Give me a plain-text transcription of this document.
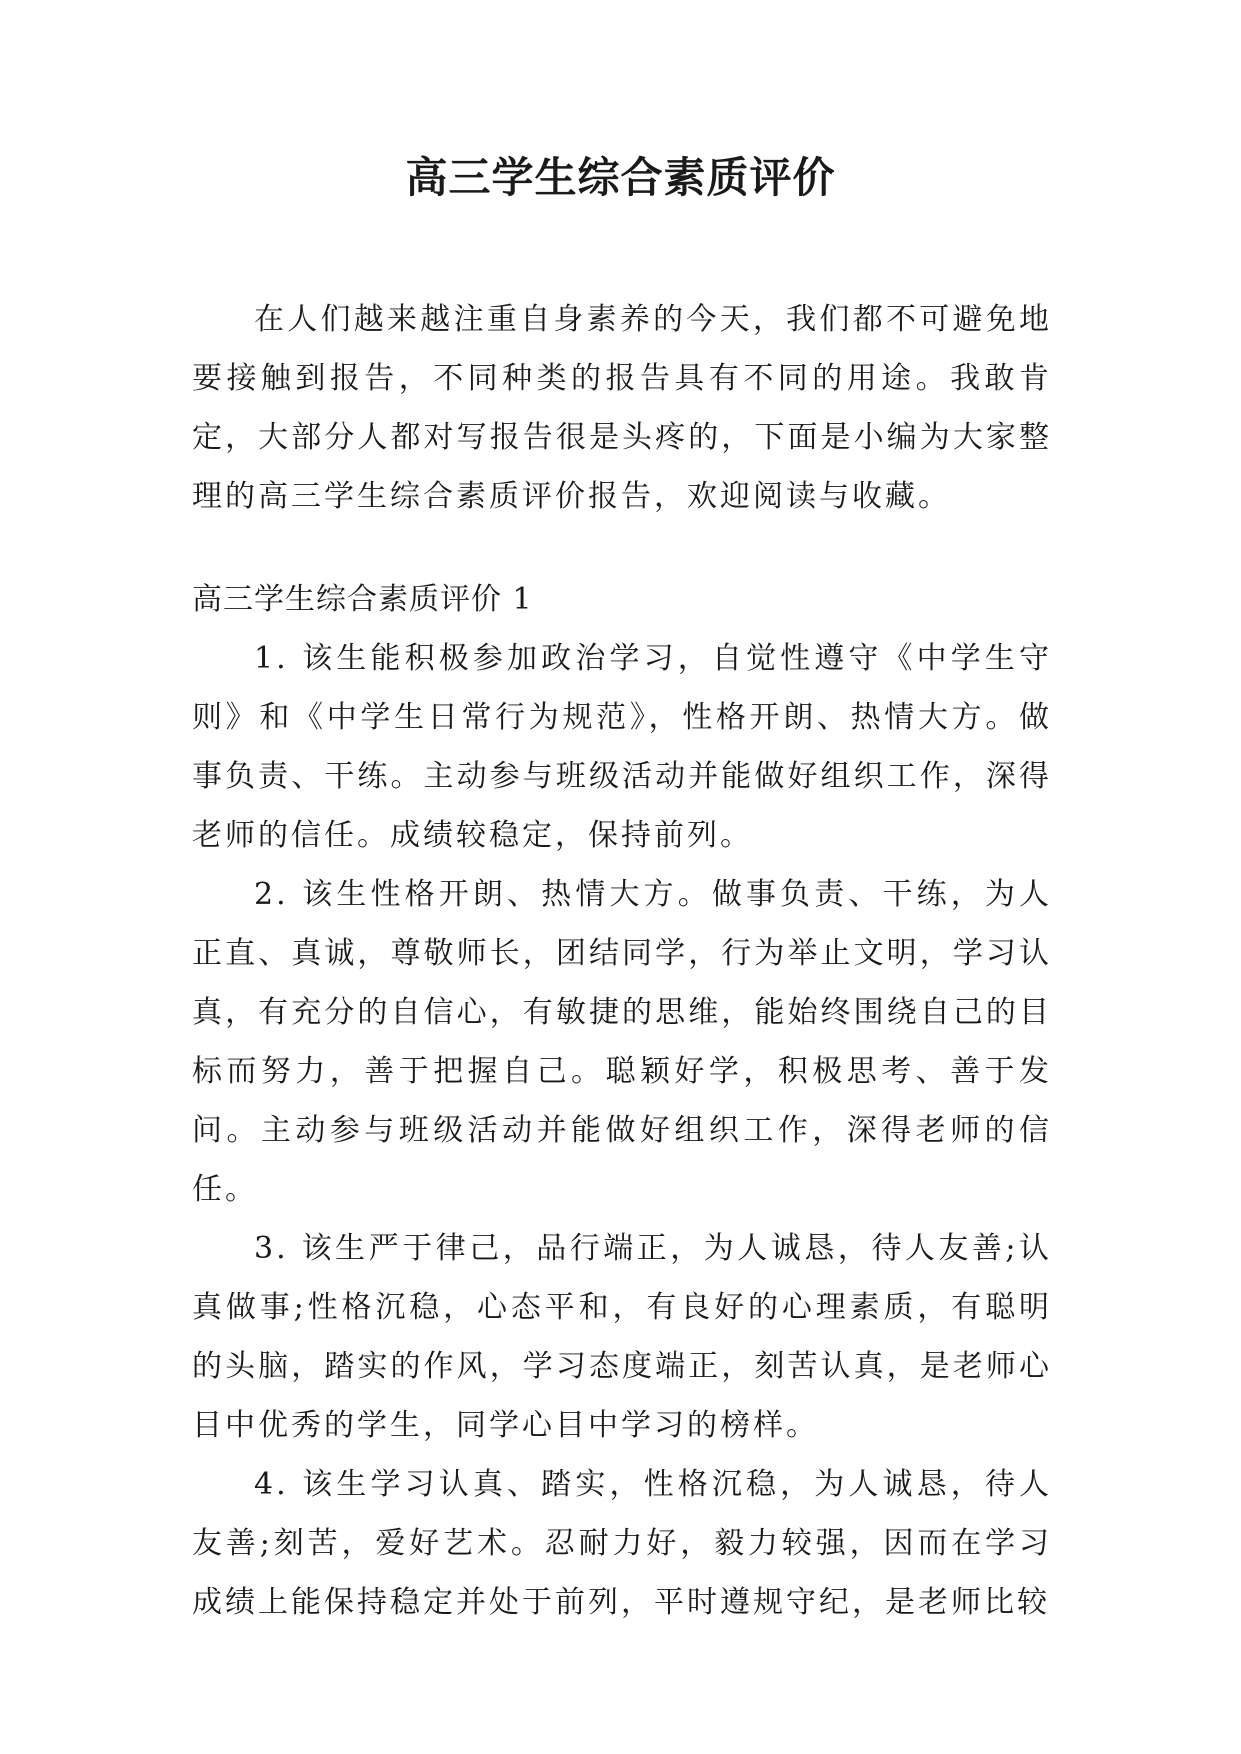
高三学生综合素质评价

在人们越来越注重自身素养的今天，我们都不可避免地要接触到报告，不同种类的报告具有不同的用途。我敢肯定，大部分人都对写报告很是头疼的，下面是小编为大家整理的高三学生综合素质评价报告，欢迎阅读与收藏。

高三学生综合素质评价 1

1. 该生能积极参加政治学习，自觉性遵守《中学生守则》和《中学生日常行为规范》，性格开朗、热情大方。做事负责、干练。主动参与班级活动并能做好组织工作，深得老师的信任。成绩较稳定，保持前列。

2. 该生性格开朗、热情大方。做事负责、干练，为人正直、真诚，尊敬师长，团结同学，行为举止文明，学习认真，有充分的自信心，有敏捷的思维，能始终围绕自己的目标而努力，善于把握自己。聪颖好学，积极思考、善于发问。主动参与班级活动并能做好组织工作，深得老师的信任。

3. 该生严于律己，品行端正，为人诚恳，待人友善;认真做事;性格沉稳，心态平和，有良好的心理素质，有聪明的头脑，踏实的作风，学习态度端正，刻苦认真，是老师心目中优秀的学生，同学心目中学习的榜样。

4. 该生学习认真、踏实，性格沉稳，为人诚恳，待人友善;刻苦，爱好艺术。忍耐力好，毅力较强，因而在学习成绩上能保持稳定并处于前列，平时遵规守纪，是老师比较
